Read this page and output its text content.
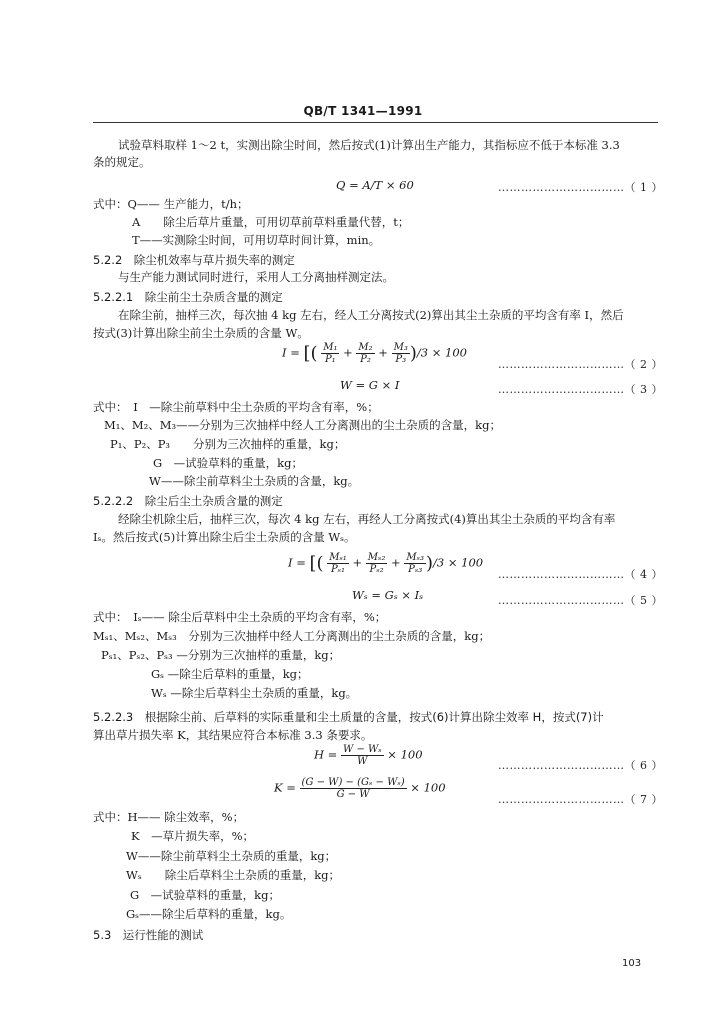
QB/T 1341—1991
试验草料取样 1～2 t，实测出除尘时间，然后按式(1)计算出生产能力，其指标应不低于本标准 3.3
条的规定。
Q = A/T × 60	……………………………（ 1 ）
式中：Q—— 生产能力，t/h；
A　　除尘后草片重量，可用切草前草料重量代替，t；
T——实测除尘时间，可用切草时间计算，min。
5.2.2　除尘机效率与草片损失率的测定
与生产能力测试同时进行，采用人工分离抽样测定法。
5.2.2.1　除尘前尘土杂质含量的测定
在除尘前，抽样三次，每次抽 4 kg 左右，经人工分离按式(2)算出其尘土杂质的平均含有率 I，然后
按式(3)计算出除尘前尘土杂质的含量 W。
I = [( $\frac{\text{M₁}}{\text{P₁}} + \frac{\text{M₂}}{\text{P₂}} + \frac{\text{M₃}}{\text{P₃}} )/3 \times 100$
……………………………（ 2 ）
W = G × I	……………………………（ 3 ）
式中：　I　—除尘前草料中尘土杂质的平均含有率，%；
M₁、M₂、M₃——分别为三次抽样中经人工分离测出的尘土杂质的含量，kg；
P₁、P₂、P₃　　分别为三次抽样的重量，kg；
G　—试验草料的重量，kg；
W——除尘前草料尘土杂质的含量，kg。
5.2.2.2　除尘后尘土杂质含量的测定
经除尘机除尘后，抽样三次，每次 4 kg 左右，再经人工分离按式(4)算出其尘土杂质的平均含有率
Iₛ。然后按式(5)计算出除尘后尘土杂质的含量 Wₛ。
I = [( $\frac{\text{Mₛ₁}}{\text{Pₛ₁}} + \frac{\text{Mₛ₂}}{\text{Pₛ₂}} + \frac{\text{Mₛ₃}}{\text{Pₛ₃}} )/3 \times 100$
……………………………（ 4 ）
Wₛ = Gₛ × Iₛ	……………………………（ 5 ）
式中：　Iₛ—— 除尘后草料中尘土杂质的平均含有率，%；
Mₛ₁、Mₛ₂、Mₛ₃　分别为三次抽样中经人工分离测出的尘土杂质的含量，kg；
Pₛ₁、Pₛ₂、Pₛ₃ —分别为三次抽样的重量，kg；
Gₛ —除尘后草料的重量，kg；
Wₛ —除尘后草料尘土杂质的重量，kg。
5.2.2.3　根据除尘前、后草料的实际重量和尘土质量的含量，按式(6)计算出除尘效率 H，按式(7)计
算出草片损失率 K，其结果应符合本标准 3.3 条要求。
$H = \frac{\text{W − Wₛ}}{W} \times 100$
……………………………（ 6 ）
$K = \frac{\text{(G − W) − (Gₛ − Wₛ)}}{G - W} \times 100$
……………………………（ 7 ）
式中：H—— 除尘效率，%；
K　—草片损失率，%；
W——除尘前草料尘土杂质的重量，kg；
Wₛ　　除尘后草料尘土杂质的重量，kg；
G　—试验草料的重量，kg；
Gₛ——除尘后草料的重量，kg。
5.3　运行性能的测试
103
